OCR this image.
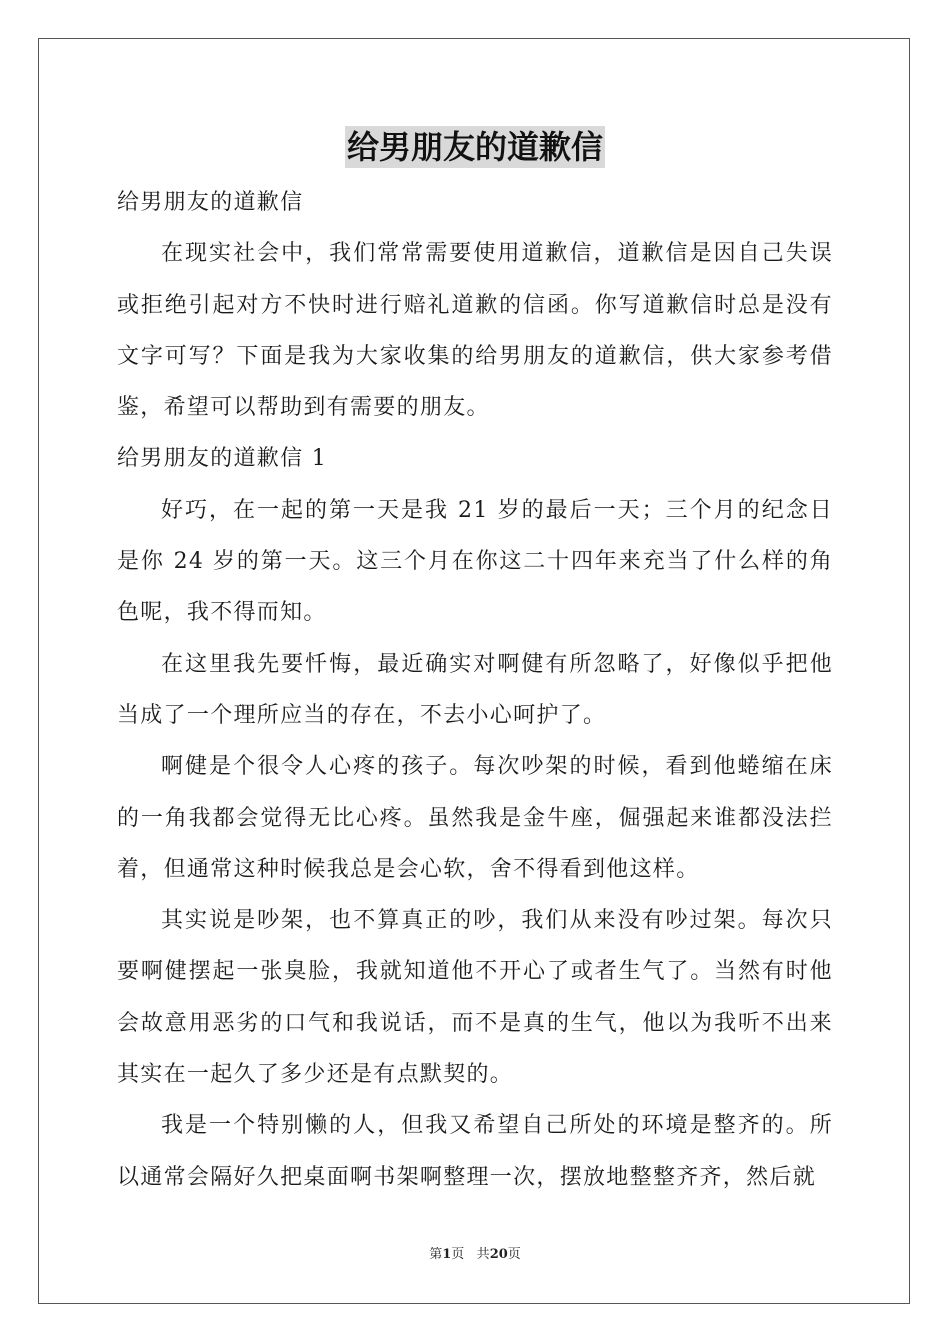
给男朋友的道歉信

给男朋友的道歉信

在现实社会中，我们常常需要使用道歉信，道歉信是因自己失误或拒绝引起对方不快时进行赔礼道歉的信函。你写道歉信时总是没有文字可写？下面是我为大家收集的给男朋友的道歉信，供大家参考借鉴，希望可以帮助到有需要的朋友。

给男朋友的道歉信 1

好巧，在一起的第一天是我 21 岁的最后一天；三个月的纪念日是你 24 岁的第一天。这三个月在你这二十四年来充当了什么样的角色呢，我不得而知。

在这里我先要忏悔，最近确实对啊健有所忽略了，好像似乎把他当成了一个理所应当的存在，不去小心呵护了。

啊健是个很令人心疼的孩子。每次吵架的时候，看到他蜷缩在床的一角我都会觉得无比心疼。虽然我是金牛座，倔强起来谁都没法拦着，但通常这种时候我总是会心软，舍不得看到他这样。

其实说是吵架，也不算真正的吵，我们从来没有吵过架。每次只要啊健摆起一张臭脸，我就知道他不开心了或者生气了。当然有时他会故意用恶劣的口气和我说话，而不是真的生气，他以为我听不出来其实在一起久了多少还是有点默契的。

我是一个特别懒的人，但我又希望自己所处的环境是整齐的。所以通常会隔好久把桌面啊书架啊整理一次，摆放地整整齐齐，然后就

第1页 共20页
